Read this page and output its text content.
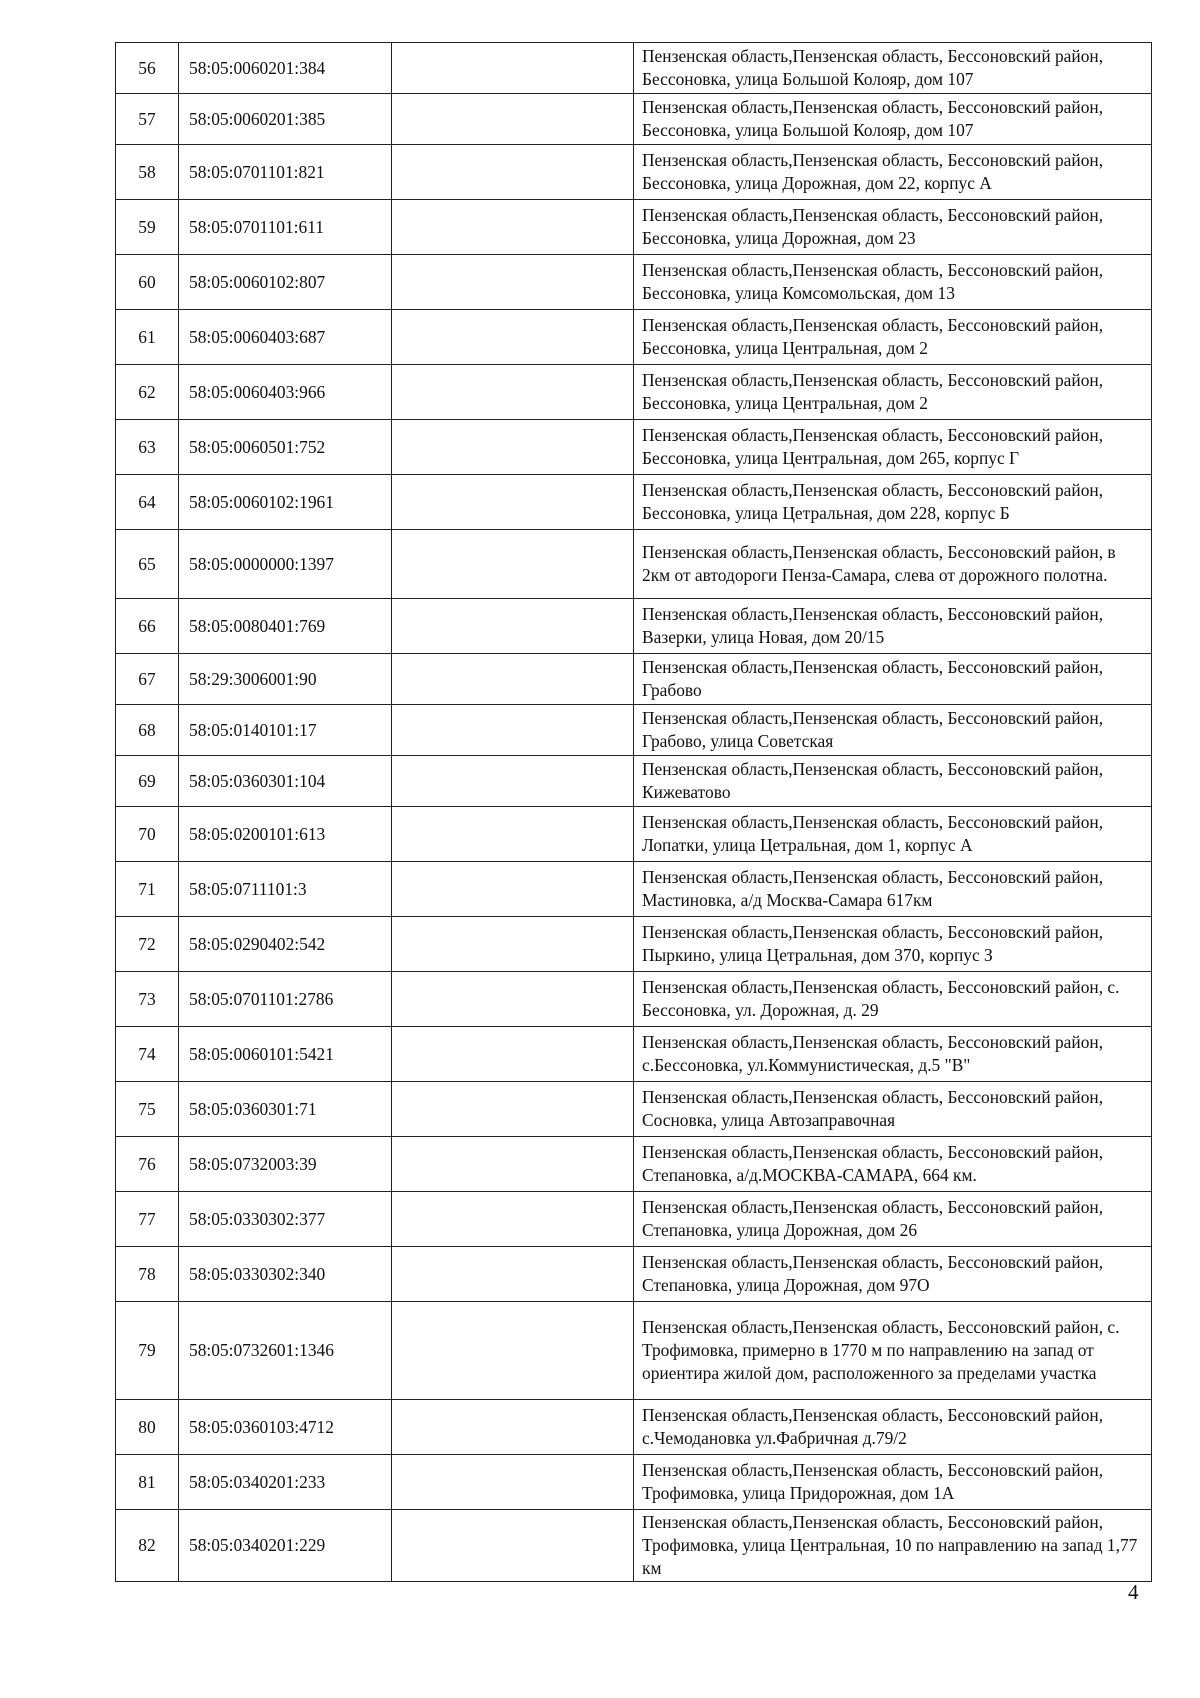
56	58:05:0060201:384		Пензенская область,Пензенская область, Бессоновский район, Бессоновка, улица Большой Колояр, дом 107
57	58:05:0060201:385		Пензенская область,Пензенская область, Бессоновский район, Бессоновка, улица Большой Колояр, дом 107
58	58:05:0701101:821		Пензенская область,Пензенская область, Бессоновский район, Бессоновка, улица Дорожная, дом 22, корпус А
59	58:05:0701101:611		Пензенская область,Пензенская область, Бессоновский район, Бессоновка, улица Дорожная, дом 23
60	58:05:0060102:807		Пензенская область,Пензенская область, Бессоновский район, Бессоновка, улица Комсомольская, дом 13
61	58:05:0060403:687		Пензенская область,Пензенская область, Бессоновский район, Бессоновка, улица Центральная, дом 2
62	58:05:0060403:966		Пензенская область,Пензенская область, Бессоновский район, Бессоновка, улица Центральная, дом 2
63	58:05:0060501:752		Пензенская область,Пензенская область, Бессоновский район, Бессоновка, улица Центральная, дом 265, корпус Г
64	58:05:0060102:1961		Пензенская область,Пензенская область, Бессоновский район, Бессоновка, улица Цетральная, дом 228, корпус Б
65	58:05:0000000:1397		Пензенская область,Пензенская область, Бессоновский район, в 2км от автодороги Пенза-Самара, слева от дорожного полотна.
66	58:05:0080401:769		Пензенская область,Пензенская область, Бессоновский район, Вазерки, улица Новая, дом 20/15
67	58:29:3006001:90		Пензенская область,Пензенская область, Бессоновский район, Грабово
68	58:05:0140101:17		Пензенская область,Пензенская область, Бессоновский район, Грабово, улица Советская
69	58:05:0360301:104		Пензенская область,Пензенская область, Бессоновский район, Кижеватово
70	58:05:0200101:613		Пензенская область,Пензенская область, Бессоновский район, Лопатки, улица Цетральная, дом 1, корпус А
71	58:05:0711101:3		Пензенская область,Пензенская область, Бессоновский район, Мастиновка, а/д Москва-Самара 617км
72	58:05:0290402:542		Пензенская область,Пензенская область, Бессоновский район, Пыркино, улица Цетральная, дом 370, корпус З
73	58:05:0701101:2786		Пензенская область,Пензенская область, Бессоновский район, с. Бессоновка, ул. Дорожная, д. 29
74	58:05:0060101:5421		Пензенская область,Пензенская область, Бессоновский район, с.Бессоновка, ул.Коммунистическая, д.5 "В"
75	58:05:0360301:71		Пензенская область,Пензенская область, Бессоновский район, Сосновка, улица Автозаправочная
76	58:05:0732003:39		Пензенская область,Пензенская область, Бессоновский район, Степановка, а/д.МОСКВА-САМАРА, 664 км.
77	58:05:0330302:377		Пензенская область,Пензенская область, Бессоновский район, Степановка, улица Дорожная, дом 26
78	58:05:0330302:340		Пензенская область,Пензенская область, Бессоновский район, Степановка, улица Дорожная, дом 97О
79	58:05:0732601:1346		Пензенская область,Пензенская область, Бессоновский район, с. Трофимовка, примерно в 1770 м по направлению на запад от ориентира жилой дом, расположенного за пределами участка
80	58:05:0360103:4712		Пензенская область,Пензенская область, Бессоновский район, с.Чемодановка ул.Фабричная д.79/2
81	58:05:0340201:233		Пензенская область,Пензенская область, Бессоновский район, Трофимовка, улица Придорожная, дом 1А
82	58:05:0340201:229		Пензенская область,Пензенская область, Бессоновский район, Трофимовка, улица Центральная, 10 по направлению на запад 1,77 км
4
